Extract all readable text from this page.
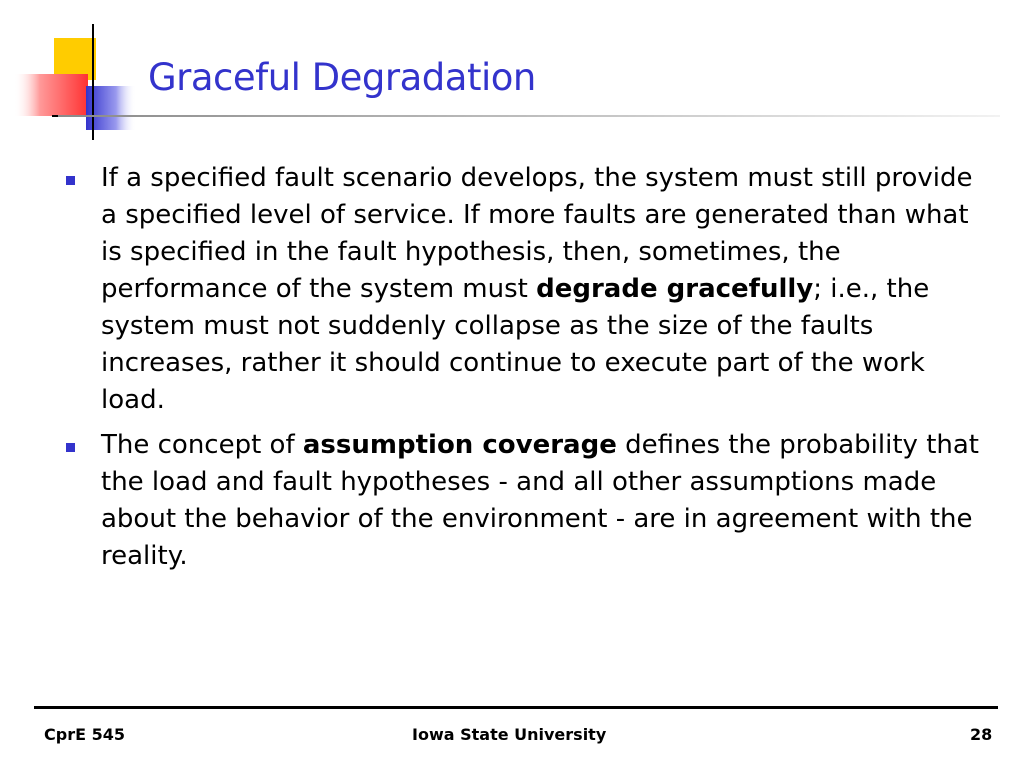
Graceful Degradation
If a specified fault scenario develops, the system must still provide a specified level of service. If more faults are generated than what is specified in the fault hypothesis, then, sometimes, the performance of the system must degrade gracefully; i.e., the system must not suddenly collapse as the size of the faults increases, rather it should continue to execute part of the work load.
The concept of assumption coverage defines the probability that the load and fault hypotheses - and all other assumptions made about the behavior of the environment - are in agreement with the reality.
CprE 545	Iowa State University	28
